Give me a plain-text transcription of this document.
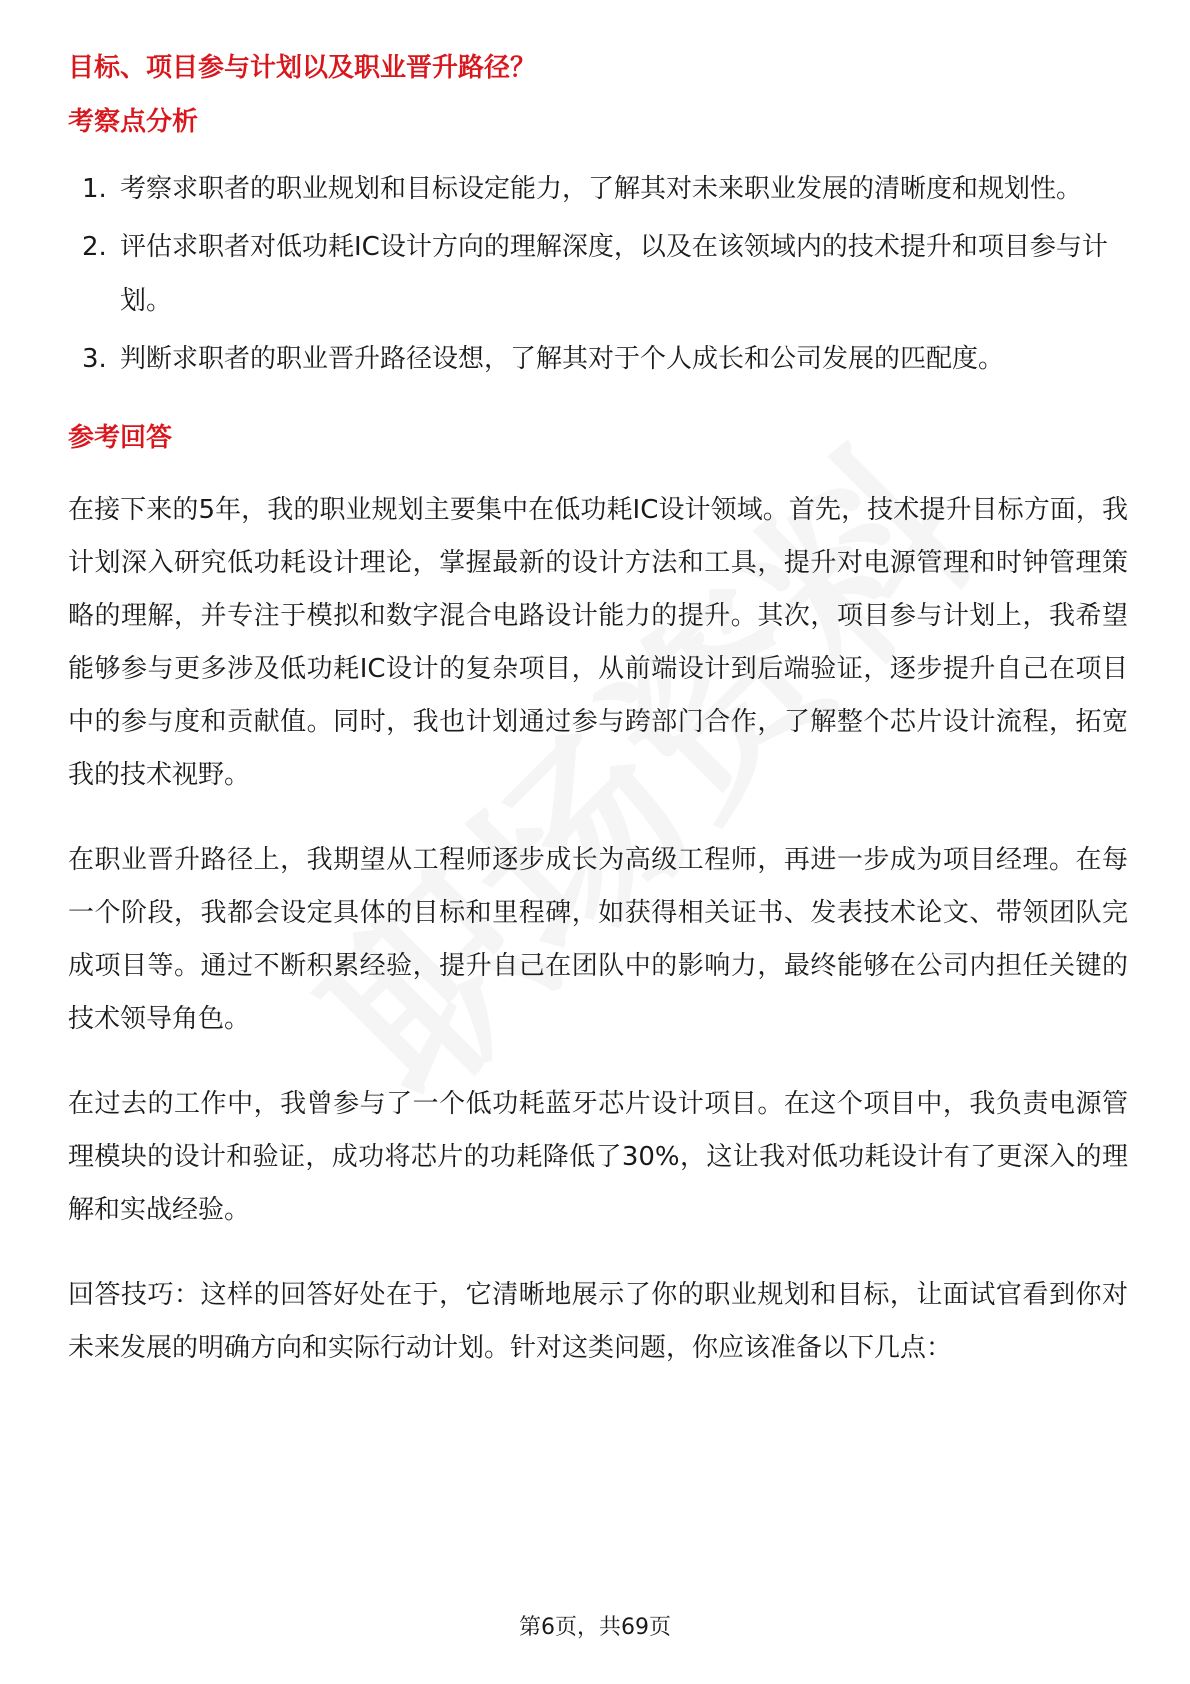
目标、项目参与计划以及职业晋升路径？
考察点分析
1. 考察求职者的职业规划和目标设定能力，了解其对未来职业发展的清晰度和规划性。
2. 评估求职者对低功耗IC设计方向的理解深度，以及在该领域内的技术提升和项目参与计划。
3. 判断求职者的职业晋升路径设想，了解其对于个人成长和公司发展的匹配度。
参考回答

在接下来的5年，我的职业规划主要集中在低功耗IC设计领域。首先，技术提升目标方面，我计划深入研究低功耗设计理论，掌握最新的设计方法和工具，提升对电源管理和时钟管理策略的理解，并专注于模拟和数字混合电路设计能力的提升。其次，项目参与计划上，我希望能够参与更多涉及低功耗IC设计的复杂项目，从前端设计到后端验证，逐步提升自己在项目中的参与度和贡献值。同时，我也计划通过参与跨部门合作，了解整个芯片设计流程，拓宽我的技术视野。

在职业晋升路径上，我期望从工程师逐步成长为高级工程师，再进一步成为项目经理。在每一个阶段，我都会设定具体的目标和里程碑，如获得相关证书、发表技术论文、带领团队完成项目等。通过不断积累经验，提升自己在团队中的影响力，最终能够在公司内担任关键的技术领导角色。

在过去的工作中，我曾参与了一个低功耗蓝牙芯片设计项目。在这个项目中，我负责电源管理模块的设计和验证，成功将芯片的功耗降低了30%，这让我对低功耗设计有了更深入的理解和实战经验。

回答技巧：这样的回答好处在于，它清晰地展示了你的职业规划和目标，让面试官看到你对未来发展的明确方向和实际行动计划。针对这类问题，你应该准备以下几点：

第6页，共69页
